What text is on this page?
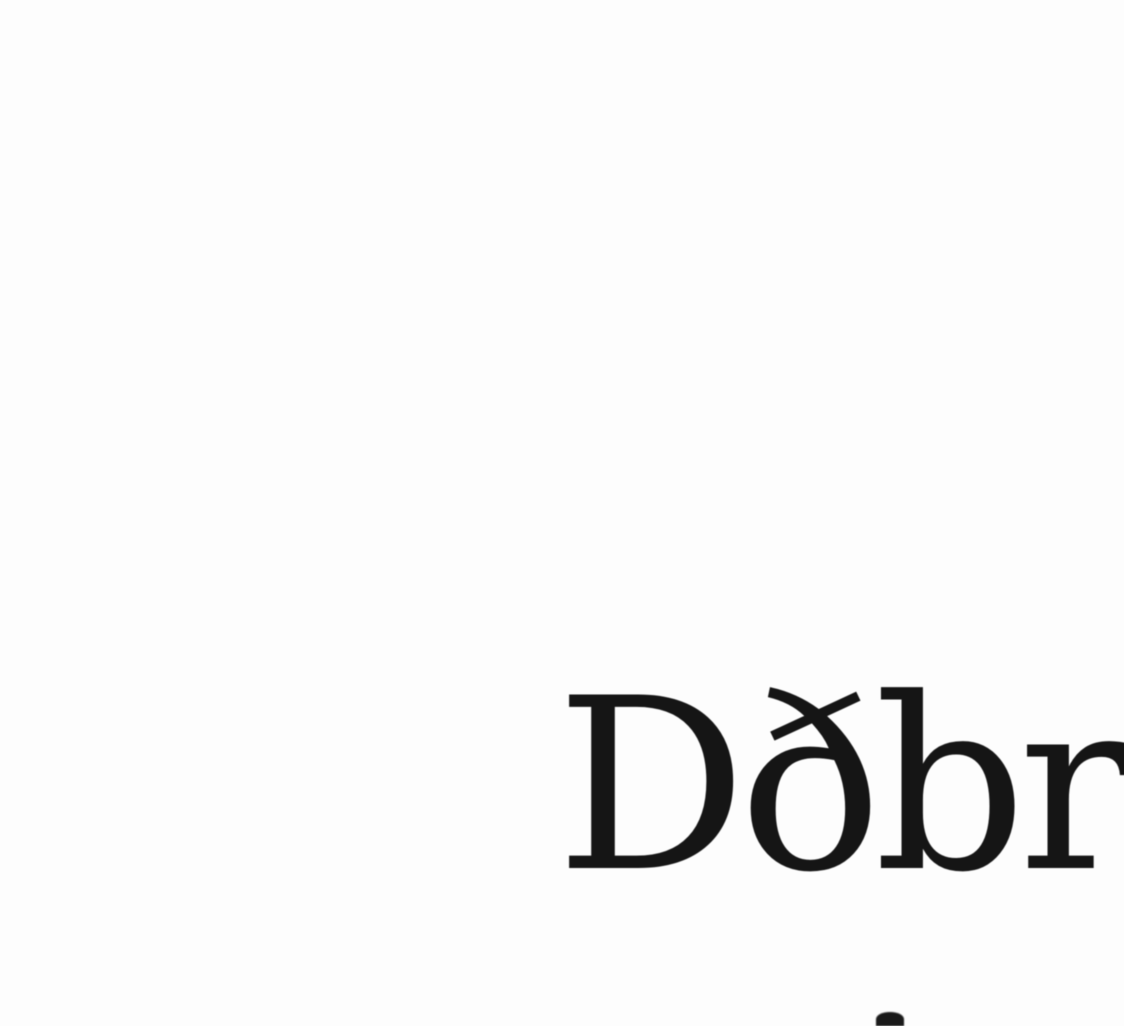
Dðbr
